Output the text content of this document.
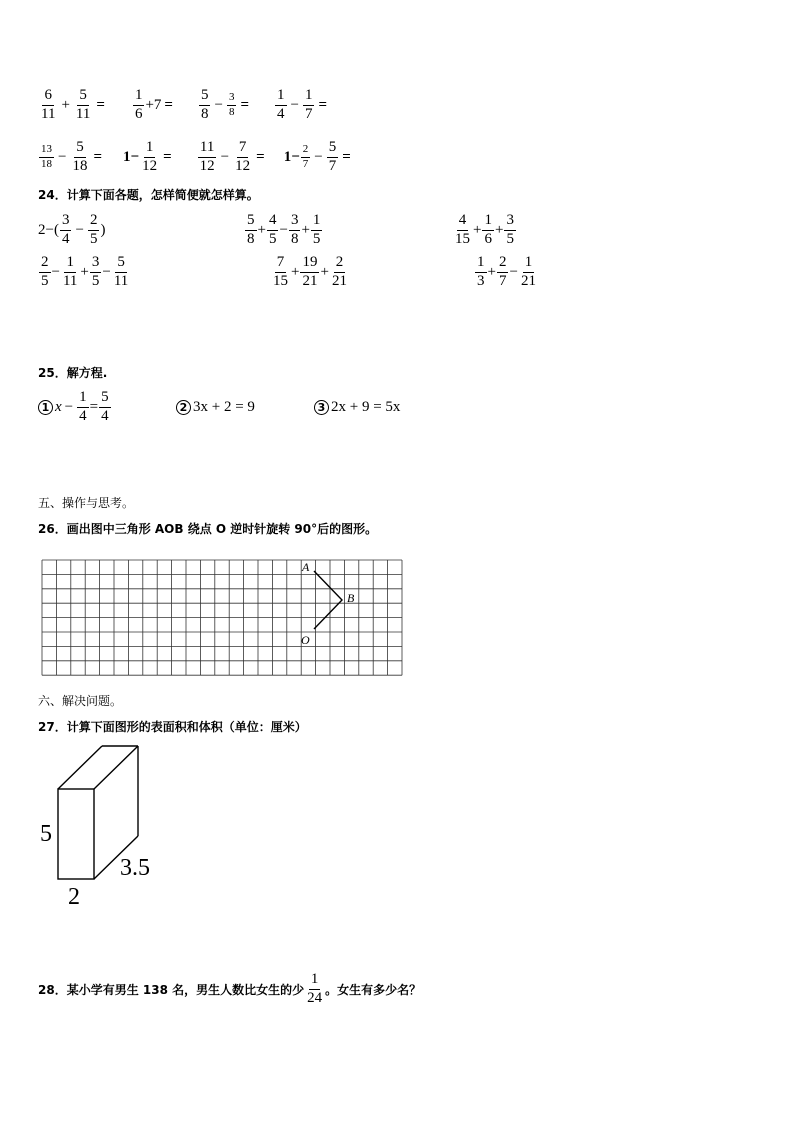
$\frac{6}{11} + \frac{5}{11} = \frac{1}{6} +7 = \frac{5}{8} - \frac{3}{8} = \frac{1}{4} - \frac{1}{7}$ =
$\frac{13}{18} - \frac{5}{18} = 1- \frac{1}{12} = \frac{11}{12} - \frac{7}{12} = 1- \frac{2}{7} - \frac{5}{7}$ =
24．计算下面各题，怎样简便就怎样算。
$2-( \frac{3}{4} - \frac{2}{5}$ )	$\frac{5}{8} + \frac{4}{5} - \frac{3}{8} + \frac{1}{5}$	$\frac{4}{15} + \frac{1}{6} + \frac{3}{5}$
$\frac{2}{5} - \frac{1}{11} + \frac{3}{5} - \frac{5}{11}$	$\frac{7}{15} + \frac{19}{21} + \frac{2}{21}$	$\frac{1}{3} + \frac{2}{7} - \frac{1}{21}$
25．解方程.
1 $x - \frac{1}{4} = \frac{5}{4}$	2 3x + 2 = 9	3 2x + 9 = 5x
五、操作与思考。
26．画出图中三角形 AOB 绕点 O 逆时针旋转 90°后的图形。
A
B
O
六、解决问题。
27．计算下面图形的表面积和体积（单位：厘米）
5
2
3.5
28．某小学有男生 138 名，男生人数比女生的少 $\frac{1}{24}$ 。女生有多少名？
